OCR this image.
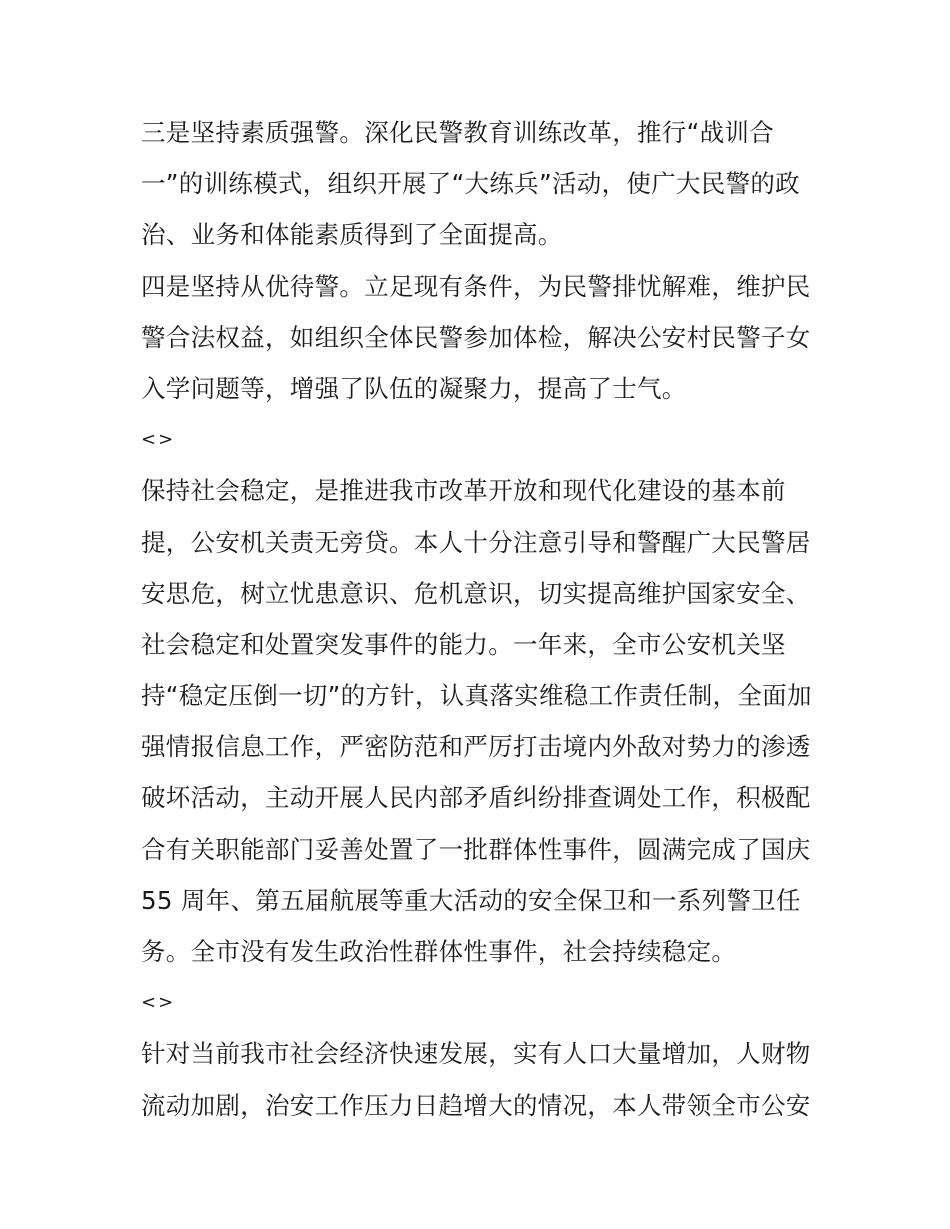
三是坚持素质强警。深化民警教育训练改革，推行“战训合
一”的训练模式，组织开展了“大练兵”活动，使广大民警的政
治、业务和体能素质得到了全面提高。
四是坚持从优待警。立足现有条件，为民警排忧解难，维护民
警合法权益，如组织全体民警参加体检，解决公安村民警子女
入学问题等，增强了队伍的凝聚力，提高了士气。
<>
保持社会稳定，是推进我市改革开放和现代化建设的基本前
提，公安机关责无旁贷。本人十分注意引导和警醒广大民警居
安思危，树立忧患意识、危机意识，切实提高维护国家安全、
社会稳定和处置突发事件的能力。一年来，全市公安机关坚
持“稳定压倒一切”的方针，认真落实维稳工作责任制，全面加
强情报信息工作，严密防范和严厉打击境内外敌对势力的渗透
破坏活动，主动开展人民内部矛盾纠纷排查调处工作，积极配
合有关职能部门妥善处置了一批群体性事件，圆满完成了国庆
55 周年、第五届航展等重大活动的安全保卫和一系列警卫任
务。全市没有发生政治性群体性事件，社会持续稳定。
<>
针对当前我市社会经济快速发展，实有人口大量增加，人财物
流动加剧，治安工作压力日趋增大的情况，本人带领全市公安
